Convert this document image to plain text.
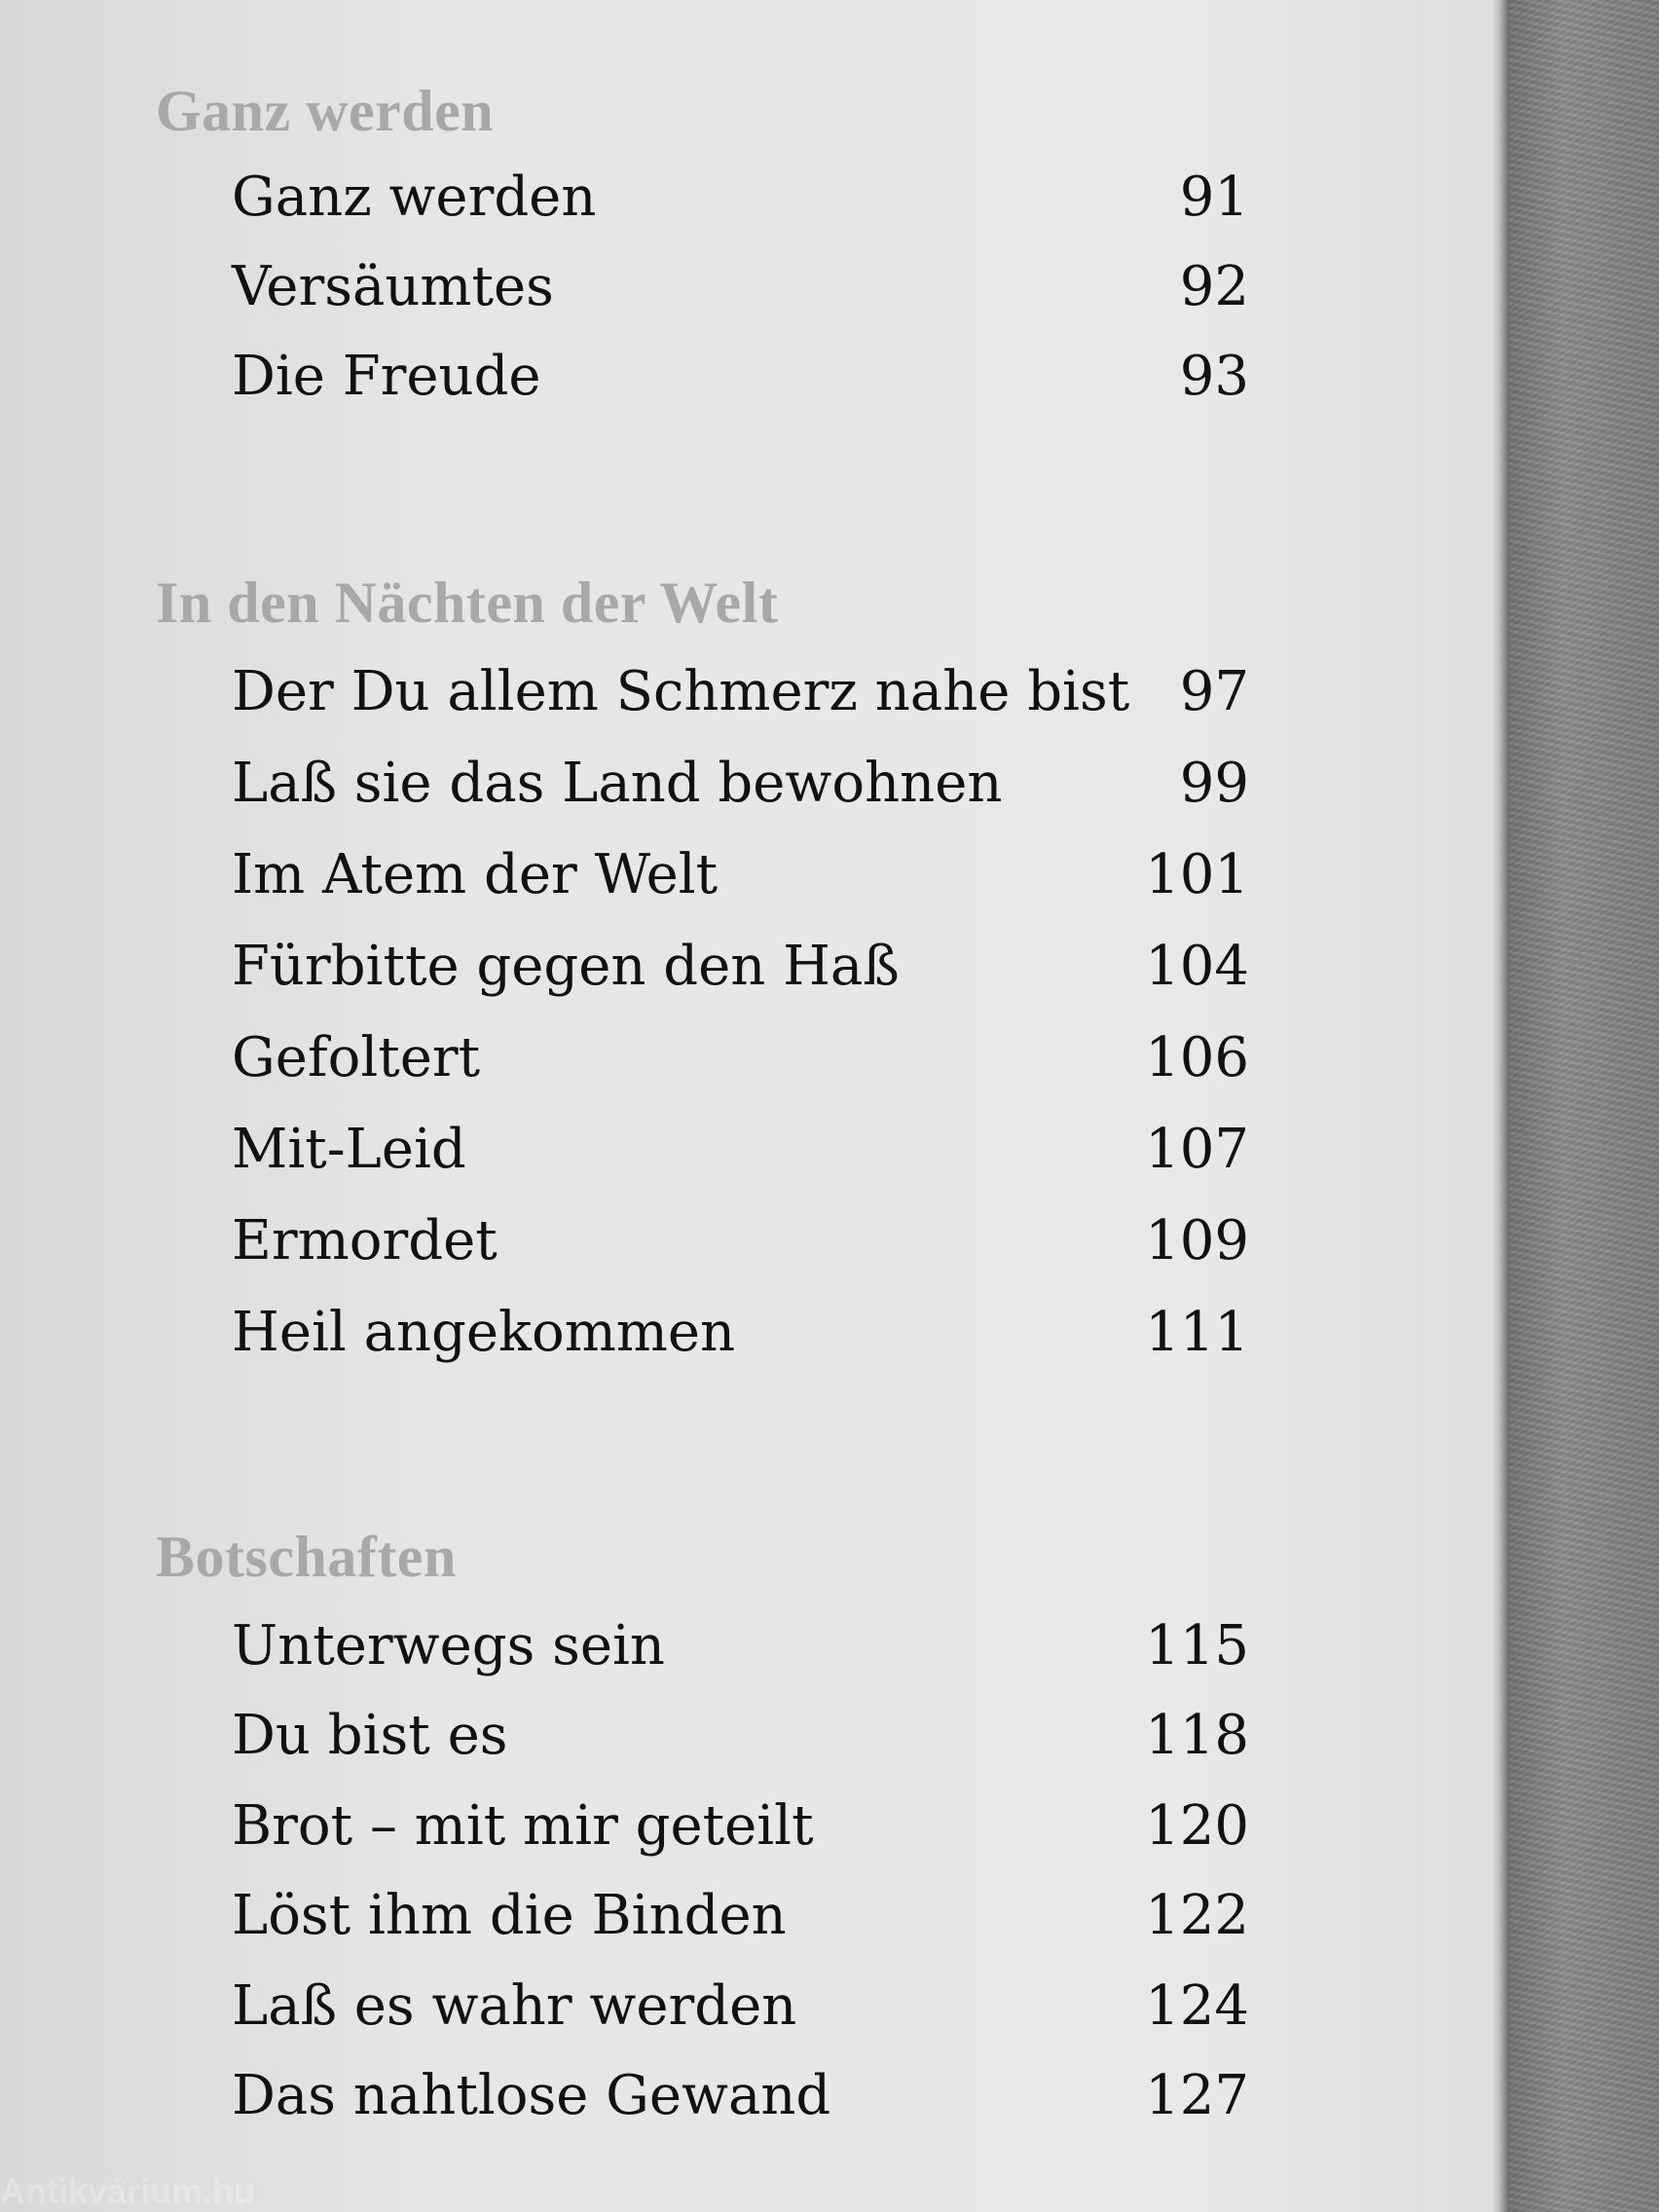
Ganz werden
Ganz werden	91
Versäumtes	92
Die Freude	93
In den Nächten der Welt
Der Du allem Schmerz nahe bist 97
Laß sie das Land bewohnen	99
Im Atem der Welt	101
Fürbitte gegen den Haß	104
Gefoltert	106
Mit-Leid	107
Ermordet	109
Heil angekommen	111
Botschaften
Unterwegs sein	115
Du bist es	118
Brot – mit mir geteilt	120
Löst ihm die Binden	122
Laß es wahr werden	124
Das nahtlose Gewand	127
Antikvárium.hu
